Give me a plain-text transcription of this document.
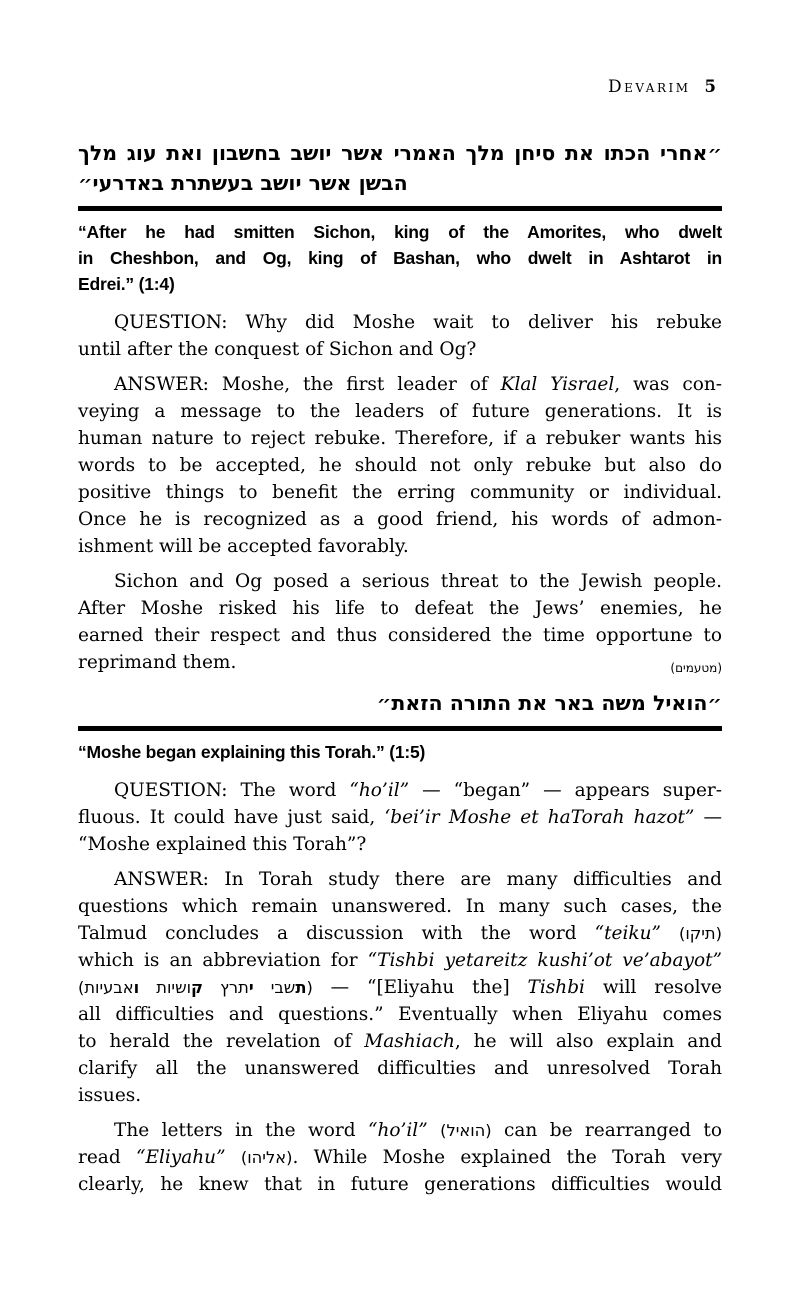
Devarim 5
״אחרי הכתו את סיחן מלך האמרי אשר יושב בחשבון ואת עוג מלך
הבשן אשר יושב בעשתרת באדרעי״
“After he had smitten Sichon, king of the Amorites, who dwelt
in Cheshbon, and Og, king of Bashan, who dwelt in Ashtarot in
Edrei.” (1:4)
QUESTION: Why did Moshe wait to deliver his rebuke
until after the conquest of Sichon and Og?
ANSWER: Moshe, the first leader of Klal Yisrael, was con-
veying a message to the leaders of future generations. It is
human nature to reject rebuke. Therefore, if a rebuker wants his
words to be accepted, he should not only rebuke but also do
positive things to benefit the erring community or individual.
Once he is recognized as a good friend, his words of admon-
ishment will be accepted favorably.
Sichon and Og posed a serious threat to the Jewish people.
After Moshe risked his life to defeat the Jews’ enemies, he
earned their respect and thus considered the time opportune to
reprimand them.	(מטעמים)
״הואיל משה באר את התורה הזאת״
“Moshe began explaining this Torah.” (1:5)
QUESTION: The word “ho’il” — “began” — appears super-
fluous. It could have just said, ‘bei’ir Moshe et haTorah hazot” —
“Moshe explained this Torah”?
ANSWER: In Torah study there are many difficulties and
questions which remain unanswered. In many such cases, the
Talmud concludes a discussion with the word “teiku” (תיקו)
which is an abbreviation for “Tishbi yetareitz kushi’ot ve’abayot”
(	תשבי יתרץ קושיות ואבעיות) — “[Eliyahu the] Tishbi will resolve
all difficulties and questions.” Eventually when Eliyahu comes
to herald the revelation of Mashiach, he will also explain and
clarify all the unanswered difficulties and unresolved Torah
issues.
The letters in the word “ho’il” (הואיל) can be rearranged to
read “Eliyahu” (אליהו). While Moshe explained the Torah very
clearly, he knew that in future generations difficulties would
